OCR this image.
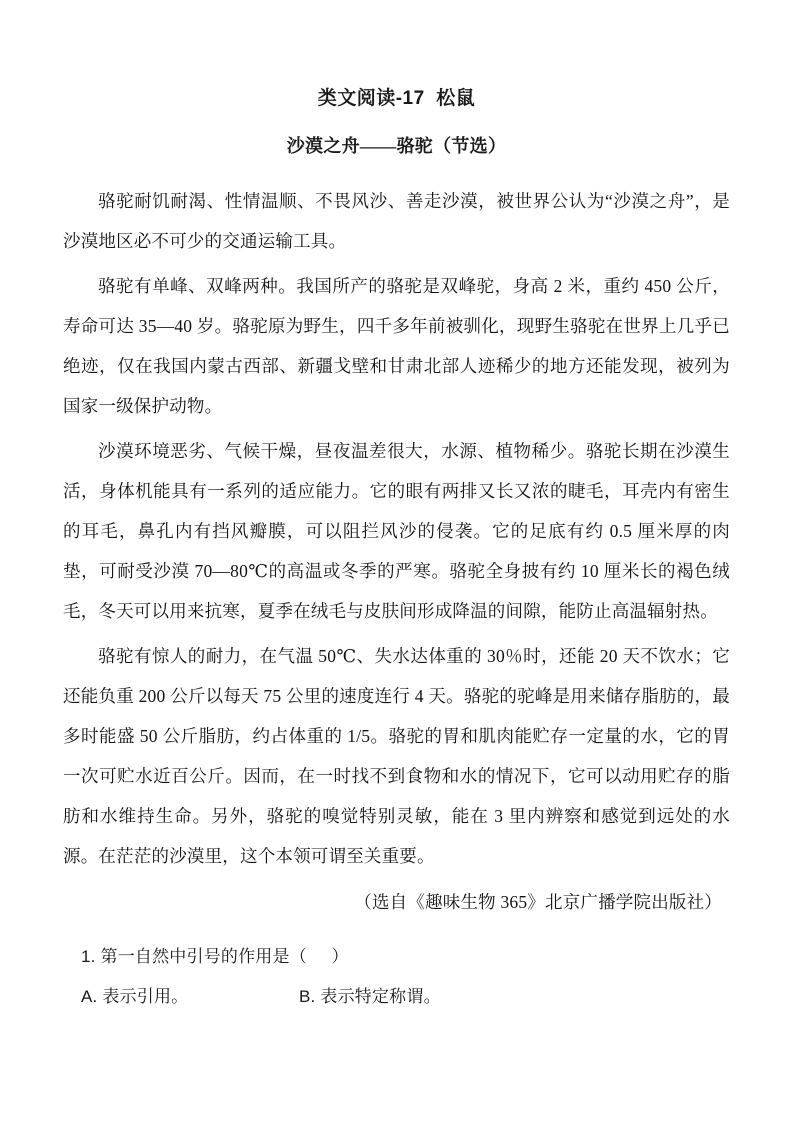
类文阅读-17  松鼠
沙漠之舟——骆驼（节选）

骆驼耐饥耐渴、性情温顺、不畏风沙、善走沙漠，被世界公认为“沙漠之舟”，是沙漠地区必不可少的交通运输工具。

骆驼有单峰、双峰两种。我国所产的骆驼是双峰驼，身高 2 米，重约 450 公斤，寿命可达 35—40 岁。骆驼原为野生，四千多年前被驯化，现野生骆驼在世界上几乎已绝迹，仅在我国内蒙古西部、新疆戈壁和甘肃北部人迹稀少的地方还能发现，被列为国家一级保护动物。

沙漠环境恶劣、气候干燥，昼夜温差很大，水源、植物稀少。骆驼长期在沙漠生活，身体机能具有一系列的适应能力。它的眼有两排又长又浓的睫毛，耳壳内有密生的耳毛，鼻孔内有挡风瓣膜，可以阻拦风沙的侵袭。它的足底有约 0.5 厘米厚的肉垫，可耐受沙漠 70—80℃的高温或冬季的严寒。骆驼全身披有约 10 厘米长的褐色绒毛，冬天可以用来抗寒，夏季在绒毛与皮肤间形成降温的间隙，能防止高温辐射热。

骆驼有惊人的耐力，在气温 50℃、失水达体重的 30％时，还能 20 天不饮水；它还能负重 200 公斤以每天 75 公里的速度连行 4 天。骆驼的驼峰是用来储存脂肪的，最多时能盛 50 公斤脂肪，约占体重的 1/5。骆驼的胃和肌肉能贮存一定量的水，它的胃一次可贮水近百公斤。因而，在一时找不到食物和水的情况下，它可以动用贮存的脂肪和水维持生命。另外，骆驼的嗅觉特别灵敏，能在 3 里内辨察和感觉到远处的水源。在茫茫的沙漠里，这个本领可谓至关重要。

（选自《趣味生物 365》北京广播学院出版社）

1. 第一自然中引号的作用是（     ）

A. 表示引用。	B. 表示特定称谓。
